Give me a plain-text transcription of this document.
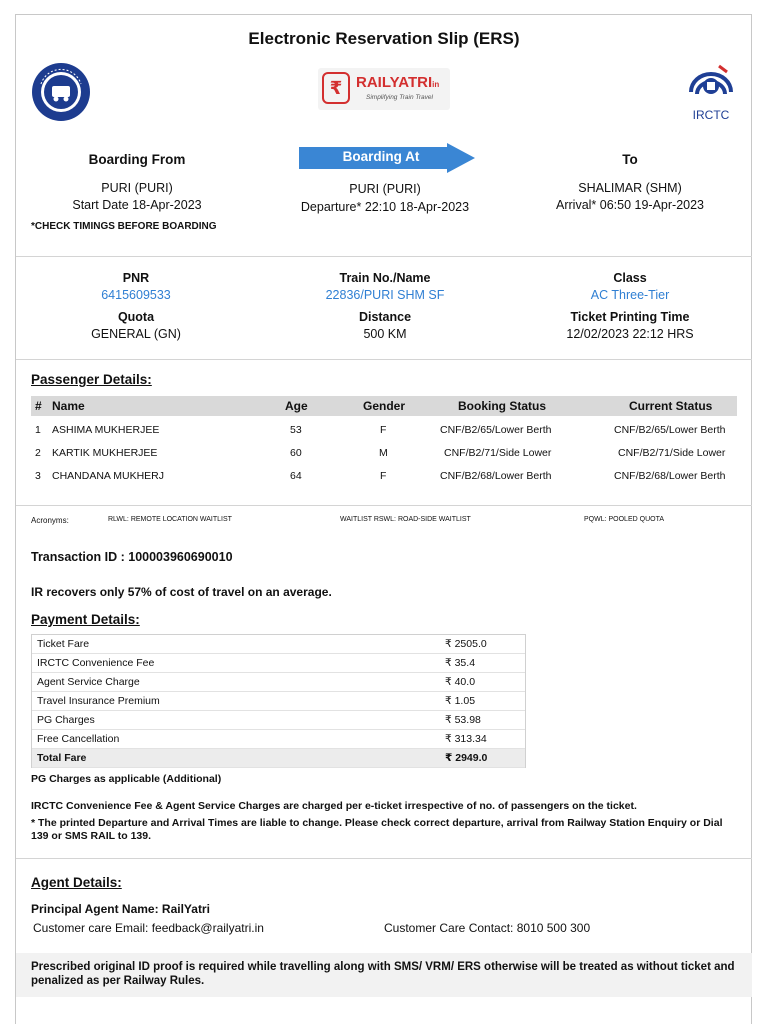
Electronic Reservation Slip (ERS)
₹ RAILYATRIin
Simplifying Train Travel
IRCTC
Boarding From	Boarding At	To
PURI (PURI)
Start Date 18-Apr-2023
PURI (PURI)
Departure* 22:10 18-Apr-2023
SHALIMAR (SHM)
Arrival* 06:50 19-Apr-2023
*CHECK TIMINGS BEFORE BOARDING
PNR
6415609533
Train No./Name
22836/PURI SHM SF
Class
AC Three-Tier
Quota
GENERAL (GN)
Distance
500 KM
Ticket Printing Time
12/02/2023 22:12 HRS
Passenger Details:
# Name	Age	Gender	Booking Status	Current Status
1 ASHIMA MUKHERJEE	53	F	CNF/B2/65/Lower Berth	CNF/B2/65/Lower Berth
2 KARTIK MUKHERJEE	60	M	CNF/B2/71/Side Lower	CNF/B2/71/Side Lower
3 CHANDANA MUKHERJ	64	F	CNF/B2/68/Lower Berth	CNF/B2/68/Lower Berth
Acronyms:	RLWL: REMOTE LOCATION WAITLIST	WAITLIST RSWL: ROAD-SIDE WAITLIST	PQWL: POOLED QUOTA
Transaction ID : 100003960690010
IR recovers only 57% of cost of travel on an average.
Payment Details:
Ticket Fare	₹ 2505.0
IRCTC Convenience Fee	₹ 35.4
Agent Service Charge	₹ 40.0
Travel Insurance Premium	₹ 1.05
PG Charges	₹ 53.98
Free Cancellation	₹ 313.34
Total Fare	₹ 2949.0
PG Charges as applicable (Additional)
IRCTC Convenience Fee & Agent Service Charges are charged per e-ticket irrespective of no. of passengers on the ticket.
* The printed Departure and Arrival Times are liable to change. Please check correct departure, arrival from Railway Station Enquiry or Dial 139 or SMS RAIL to 139.
Agent Details:
Principal Agent Name: RailYatri
Customer care Email: feedback@railyatri.in	Customer Care Contact: 8010 500 300
Prescribed original ID proof is required while travelling along with SMS/ VRM/ ERS otherwise will be treated as without ticket and penalized as per Railway Rules.
